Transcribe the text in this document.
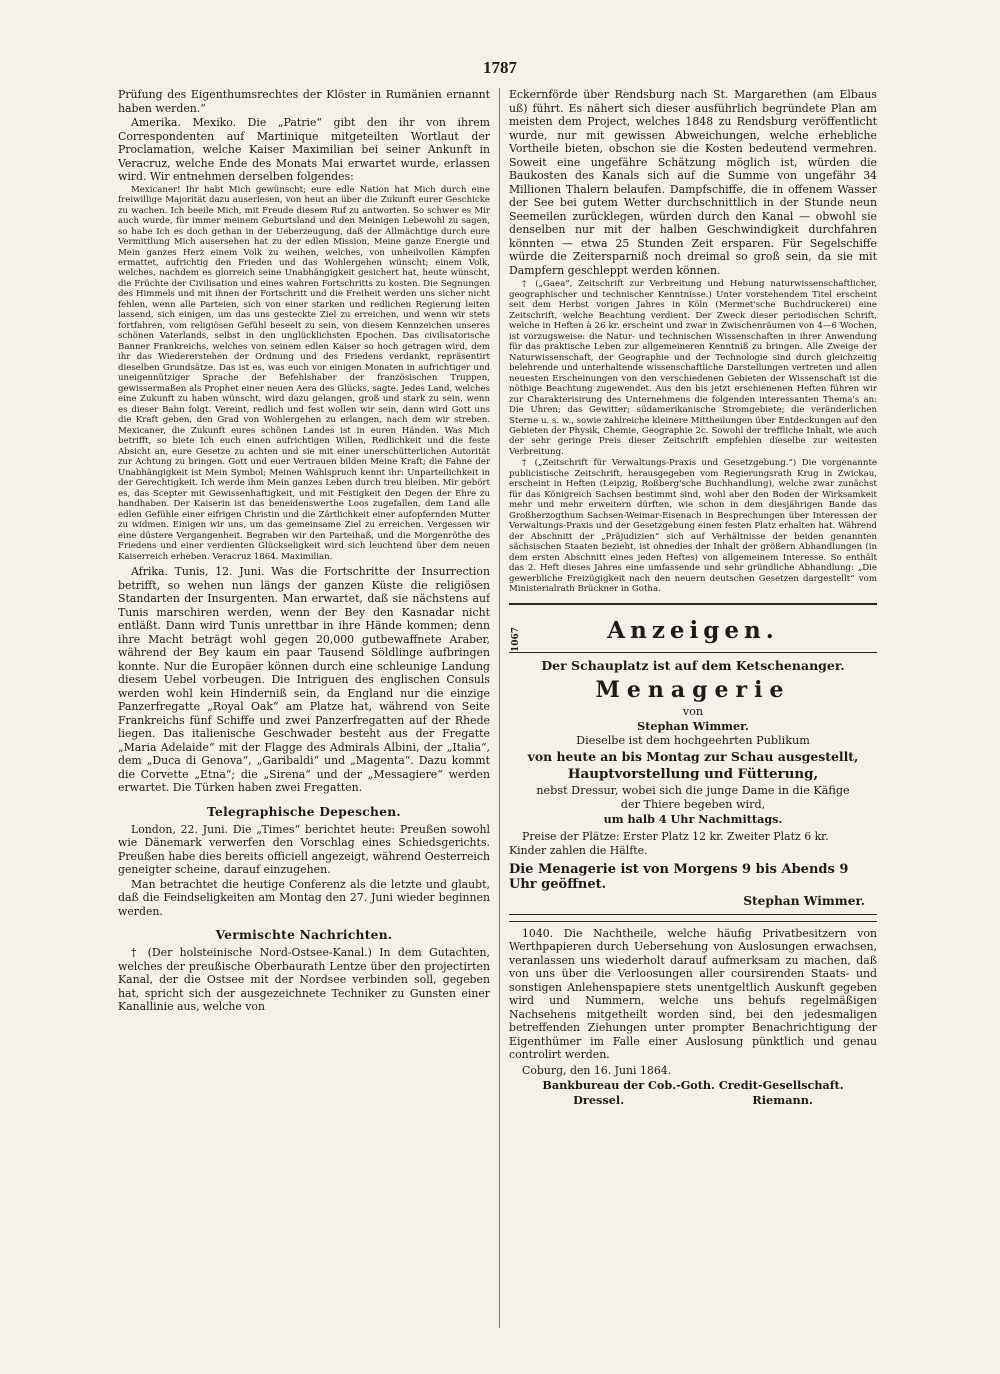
1787

Prüfung des Eigenthumsrechtes der Klöster in Rumänien ernannt haben werden.“

Amerika. Mexiko. Die „Patrie“ gibt den ihr von ihrem Correspondenten auf Martinique mitgeteilten Wortlaut der Proclamation, welche Kaiser Maximilian bei seiner Ankunft in Veracruz, welche Ende des Monats Mai erwartet wurde, erlassen wird. Wir entnehmen derselben folgendes:

Mexicaner! Ihr habt Mich gewünscht; eure edle Nation hat Mich durch eine freiwillige Majorität dazu auserlesen, von heut an über die Zukunft eurer Geschicke zu wachen. Ich beeile Mich, mit Freude diesem Ruf zu antworten. So schwer es Mir auch wurde, für immer meinem Geburtsland und den Meinigen Lebewohl zu sagen, so habe Ich es doch gethan in der Ueberzeugung, daß der Allmächtige durch eure Vermittlung Mich ausersehen hat zu der edlen Mission, Meine ganze Energie und Mein ganzes Herz einem Volk zu weihen, welches, von unheilvollen Kämpfen ermattet, aufrichtig den Frieden und das Wohlergehen wünscht; einem Volk, welches, nachdem es glorreich seine Unabhängigkeit gesichert hat, heute wünscht, die Früchte der Civilisation und eines wahren Fortschritts zu kosten. Die Segnungen des Himmels und mit ihnen der Fortschritt und die Freiheit werden uns sicher nicht fehlen, wenn alle Parteien, sich von einer starken und redlichen Regierung leiten lassend, sich einigen, um das uns gesteckte Ziel zu erreichen, und wenn wir stets fortfahren, vom religiösen Gefühl beseelt zu sein, von diesem Kennzeichen unseres schönen Vaterlands, selbst in den unglücklichsten Epochen. Das civilisatorische Banner Frankreichs, welches von seinem edlen Kaiser so hoch getragen wird, dem ihr das Wiedererstehen der Ordnung und des Friedens verdankt, repräsentirt dieselben Grundsätze. Das ist es, was euch vor einigen Monaten in aufrichtiger und uneigennütziger Sprache der Befehlshaber der französischen Truppen, gewissermaßen als Prophet einer neuen Aera des Glücks, sagte. Jedes Land, welches eine Zukunft zu haben wünscht, wird dazu gelangen, groß und stark zu sein, wenn es dieser Bahn folgt. Vereint, redlich und fest wollen wir sein, dann wird Gott uns die Kraft geben, den Grad von Wohlergehen zu erlangen, nach dem wir streben. Mexicaner, die Zukunft eures schönen Landes ist in euren Händen. Was Mich betrifft, so biete Ich euch einen aufrichtigen Willen, Redlichkeit und die feste Absicht an, eure Gesetze zu achten und sie mit einer unerschütterlichen Autorität zur Achtung zu bringen. Gott und euer Vertrauen bilden Meine Kraft; die Fahne der Unabhängigkeit ist Mein Symbol; Meinen Wahlspruch kennt ihr: Unparteilichkeit in der Gerechtigkeit. Ich werde ihm Mein ganzes Leben durch treu bleiben. Mir gebört es, das Scepter mit Gewissenhaftigkeit, und mit Festigkeit den Degen der Ehre zu handhaben. Der Kaiserin ist das beneidenswerthe Loos zugefallen, dem Land alle edlen Gefühle einer eifrigen Christin und die Zärtlichkeit einer aufopfernden Mutter zu widmen. Einigen wir uns, um das gemeinsame Ziel zu erreichen. Vergessen wir eine düstere Vergangenheit. Begraben wir den Parteihaß, und die Morgenröthe des Friedens und einer verdienten Glückseligkeit wird sich leuchtend über dem neuen Kaiserreich erheben. Veracruz 1864. Maximilian.

Afrika. Tunis, 12. Juni. Was die Fortschritte der Insurrection betrifft, so wehen nun längs der ganzen Küste die religiösen Standarten der Insurgenten. Man erwartet, daß sie nächstens auf Tunis marschiren werden, wenn der Bey den Kasnadar nicht entläßt. Dann wird Tunis unrettbar in ihre Hände kommen; denn ihre Macht beträgt wohl gegen 20,000 gutbewaffnete Araber, während der Bey kaum ein paar Tausend Söldlinge aufbringen konnte. Nur die Europäer können durch eine schleunige Landung diesem Uebel vorbeugen. Die Intriguen des englischen Consuls werden wohl kein Hinderniß sein, da England nur die einzige Panzerfregatte „Royal Oak“ am Platze hat, während von Seite Frankreichs fünf Schiffe und zwei Panzerfregatten auf der Rhede liegen. Das italienische Geschwader besteht aus der Fregatte „Maria Adelaide“ mit der Flagge des Admirals Albini, der „Italia“, dem „Duca di Genova“, „Garibaldi“ und „Magenta“. Dazu kommt die Corvette „Etna“; die „Sirena“ und der „Messagiere“ werden erwartet. Die Türken haben zwei Fregatten.

Telegraphische Depeschen.

London, 22. Juni. Die „Times“ berichtet heute: Preußen sowohl wie Dänemark verwerfen den Vorschlag eines Schiedsgerichts. Preußen habe dies bereits officiell angezeigt, während Oesterreich geneigter scheine, darauf einzugehen.

Man betrachtet die heutige Conferenz als die letzte und glaubt, daß die Feindseligkeiten am Montag den 27. Juni wieder beginnen werden.

Vermischte Nachrichten.

† (Der holsteinische Nord-Ostsee-Kanal.) In dem Gutachten, welches der preußische Oberbaurath Lentze über den projectirten Kanal, der die Ostsee mit der Nordsee verbinden soll, gegeben hat, spricht sich der ausgezeichnete Techniker zu Gunsten einer Kanallinie aus, welche von

Eckernförde über Rendsburg nach St. Margarethen (am Elbaus uß) führt. Es nähert sich dieser ausführlich begründete Plan am meisten dem Project, welches 1848 zu Rendsburg veröffentlicht wurde, nur mit gewissen Abweichungen, welche erhebliche Vortheile bieten, obschon sie die Kosten bedeutend vermehren. Soweit eine ungefähre Schätzung möglich ist, würden die Baukosten des Kanals sich auf die Summe von ungefähr 34 Millionen Thalern belaufen. Dampfschiffe, die in offenem Wasser der See bei gutem Wetter durchschnittlich in der Stunde neun Seemeilen zurücklegen, würden durch den Kanal — obwohl sie denselben nur mit der halben Geschwindigkeit durchfahren könnten — etwa 25 Stunden Zeit ersparen. Für Segelschiffe würde die Zeitersparniß noch dreimal so groß sein, da sie mit Dampfern geschleppt werden können.

† („Gaea“, Zeitschrift zur Verbreitung und Hebung naturwissenschaftlicher, geographischer und technischer Kenntnisse.) Unter vorstehendem Titel erscheint seit dem Herbst vorigen Jahres in Köln (Mermet'sche Buchdruckerei) eine Zeitschrift, welche Beachtung verdient. Der Zweck dieser periodischen Schrift, welche in Heften à 26 kr. erscheint und zwar in Zwischenräumen von 4—6 Wochen, ist vorzugsweise: die Natur- und technischen Wissenschaften in ihrer Anwendung für das praktische Leben zur allgemeineren Kenntniß zu bringen. Alle Zweige der Naturwissenschaft, der Geographie und der Technologie sind durch gleichzeitig belehrende und unterhaltende wissenschaftliche Darstellungen vertreten und allen neuesten Erscheinungen von den verschiedenen Gebieten der Wissenschaft ist die nöthige Beachtung zugewendet. Aus den bis jetzt erschienenen Heften führen wir zur Charakterisirung des Unternehmens die folgenden interessanten Thema's an: Die Uhren; das Gewitter; südamerikanische Stromgebiete; die veränderlichen Sterne u. s. w., sowie zahlreiche kleinere Mittheilungen über Entdeckungen auf den Gebieten der Physik, Chemie, Geographie 2c. Sowohl der treffliche Inhalt, wie auch der sehr geringe Preis dieser Zeitschrift empfehlen dieselbe zur weitesten Verbreitung.

† („Zeitschrift für Verwaltungs-Praxis und Gesetzgebung.“) Die vorgenannte publicistische Zeitschrift, herausgegeben vom Regierungsrath Krug in Zwickau, erscheint in Heften (Leipzig, Roßberg'sche Buchhandlung), welche zwar zunächst für das Königreich Sachsen bestimmt sind, wohl aber den Boden der Wirksamkeit mehr und mehr erweitern dürften, wie schon in dem diesjährigen Bande das Großherzogthum Sachsen-Weimar-Eisenach in Besprechungen über Interessen der Verwaltungs-Praxis und der Gesetzgebung einen festen Platz erhalten hat. Während der Abschnitt der „Präjudizien“ sich auf Verhältnisse der beiden genannten sächsischen Staaten bezieht, ist ohnedies der Inhalt der größern Abhandlungen (in dem ersten Abschnitt eines jeden Heftes) von allgemeinem Interesse. So enthält das 2. Heft dieses Jahres eine umfassende und sehr gründliche Abhandlung: „Die gewerbliche Freizügigkeit nach den neuern deutschen Gesetzen dargestellt“ vom Ministerialrath Brückner in Gotha.

Anzeigen.
1067
Der Schauplatz ist auf dem Ketschenanger.
Menagerie
von
Stephan Wimmer.
Dieselbe ist dem hochgeehrten Publikum
von heute an bis Montag zur Schau ausgestellt,
Hauptvorstellung und Fütterung,
nebst Dressur, wobei sich die junge Dame in die Käfige
der Thiere begeben wird,
um halb 4 Uhr Nachmittags.

Preise der Plätze: Erster Platz 12 kr. Zweiter Platz 6 kr.

Kinder zahlen die Hälfte.

Die Menagerie ist von Morgens 9 bis Abends 9 Uhr geöffnet.
Stephan Wimmer.

1040. Die Nachtheile, welche häufig Privatbesitzern von Werthpapieren durch Uebersehung von Auslosungen erwachsen, veranlassen uns wiederholt darauf aufmerksam zu machen, daß von uns über die Verloosungen aller coursirenden Staats- und sonstigen Anlehenspapiere stets unentgeltlich Auskunft gegeben wird und Nummern, welche uns behufs regelmäßigen Nachsehens mitgetheilt worden sind, bei den jedesmaligen betreffenden Ziehungen unter prompter Benachrichtigung der Eigenthümer im Falle einer Auslosung pünktlich und genau controlirt werden.

Coburg, den 16. Juni 1864.

Bankbureau der Cob.-Goth. Credit-Gesellschaft.
Dressel.	Riemann.
